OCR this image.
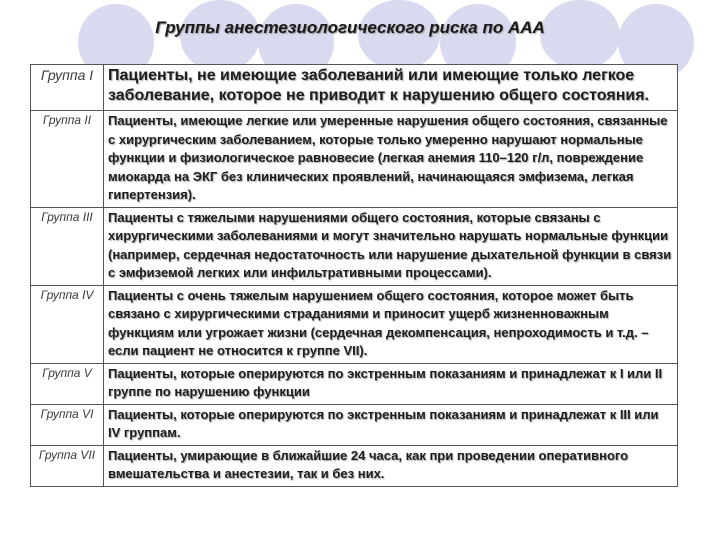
Группы анестезиологического риска по ААА
Группа I	Пациенты, не имеющие заболеваний или имеющие только легкое заболевание, которое не приводит к нарушению общего состояния.
Группа II	Пациенты, имеющие легкие или умеренные нарушения общего состояния, связанные с хирургическим заболеванием, которые только умеренно нарушают нормальные функции и физиологическое равновесие (легкая анемия 110–120 г/л, повреждение миокарда на ЭКГ без клинических проявлений, начинающаяся эмфизема, легкая гипертензия).
Группа III	Пациенты с тяжелыми нарушениями общего состояния, которые связаны с хирургическими заболеваниями и могут значительно нарушать нормальные функции (например, сердечная недостаточность или нарушение дыхательной функции в связи с эмфиземой легких или инфильтративными процессами).
Группа IV	Пациенты с очень тяжелым нарушением общего состояния, которое может быть связано с хирургическими страданиями и приносит ущерб жизненноважным функциям или угрожает жизни (сердечная декомпенсация, непроходимость и т.д. – если пациент не относится к группе VII).
Группа V	Пациенты, которые оперируются по экстренным показаниям и принадлежат к I или II группе по нарушению функции
Группа VI	Пациенты, которые оперируются по экстренным показаниям и принадлежат к III или IV группам.
Группа VII	Пациенты, умирающие в ближайшие 24 часа, как при проведении оперативного вмешательства и анестезии, так и без них.
